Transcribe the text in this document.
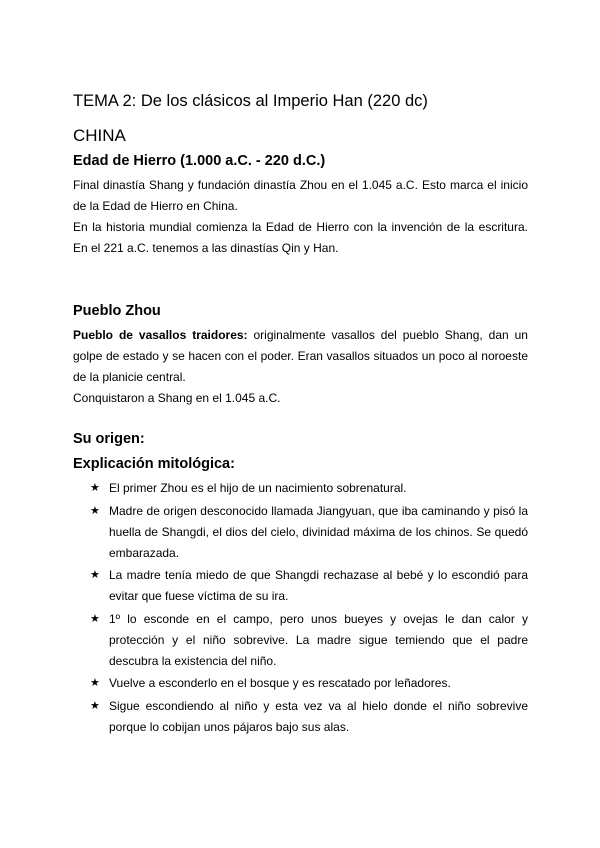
TEMA 2: De los clásicos al Imperio Han (220 dc)
CHINA
Edad de Hierro (1.000 a.C. - 220 d.C.)

Final dinastía Shang y fundación dinastía Zhou en el 1.045 a.C. Esto marca el inicio de la Edad de Hierro en China.

En la historia mundial comienza la Edad de Hierro con la invención de la escritura. En el 221 a.C. tenemos a las dinastías Qin y Han.

Pueblo Zhou

Pueblo de vasallos traidores: originalmente vasallos del pueblo Shang, dan un golpe de estado y se hacen con el poder. Eran vasallos situados un poco al noroeste de la planicie central.

Conquistaron a Shang en el 1.045 a.C.

Su origen:
Explicación mitológica:
★ El primer Zhou es el hijo de un nacimiento sobrenatural.
★ Madre de origen desconocido llamada Jiangyuan, que iba caminando y pisó la huella de Shangdi, el dios del cielo, divinidad máxima de los chinos. Se quedó embarazada.
★ La madre tenía miedo de que Shangdi rechazase al bebé y lo escondió para evitar que fuese víctima de su ira.
★ 1º lo esconde en el campo, pero unos bueyes y ovejas le dan calor y protección y el niño sobrevive. La madre sigue temiendo que el padre descubra la existencia del niño.
★ Vuelve a esconderlo en el bosque y es rescatado por leñadores.
★ Sigue escondiendo al niño y esta vez va al hielo donde el niño sobrevive porque lo cobijan unos pájaros bajo sus alas.
